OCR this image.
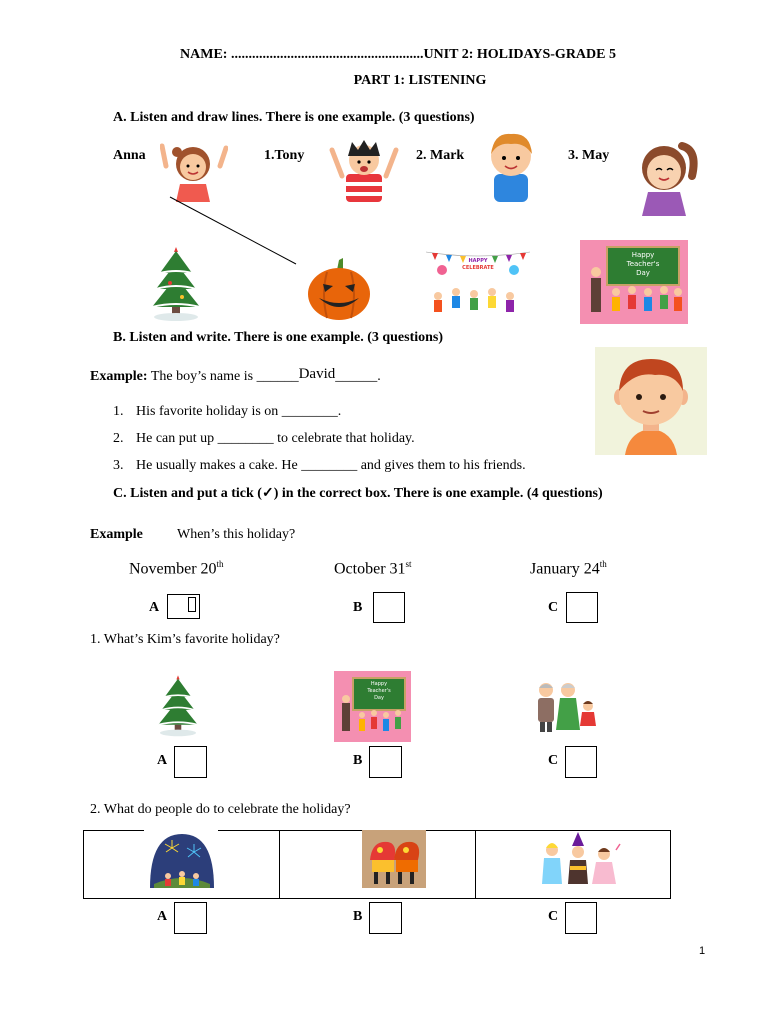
NAME: .......................................................UNIT 2: HOLIDAYS-GRADE 5
PART 1: LISTENING
A. Listen and draw lines. There is one example. (3 questions)
Anna	1.Tony	2. Mark	3. May
HAPPY
CELEBRATE
Happy
Teacher's
Day
B. Listen and write. There is one example. (3 questions)
Example: The boy’s name is ______David______.
1. His favorite holiday is on ________.
2. He can put up ________ to celebrate that holiday.
3. He usually makes a cake. He ________ and gives them to his friends.
C. Listen and put a tick (✓) in the correct box. There is one example. (4 questions)
Example When’s this holiday?
November 20th	October 31st	January 24th
A	B	C
1. What’s Kim’s favorite holiday?
Happy
Teacher's
Day
A	B	C
2. What do people do to celebrate the holiday?
A	B	C
1
